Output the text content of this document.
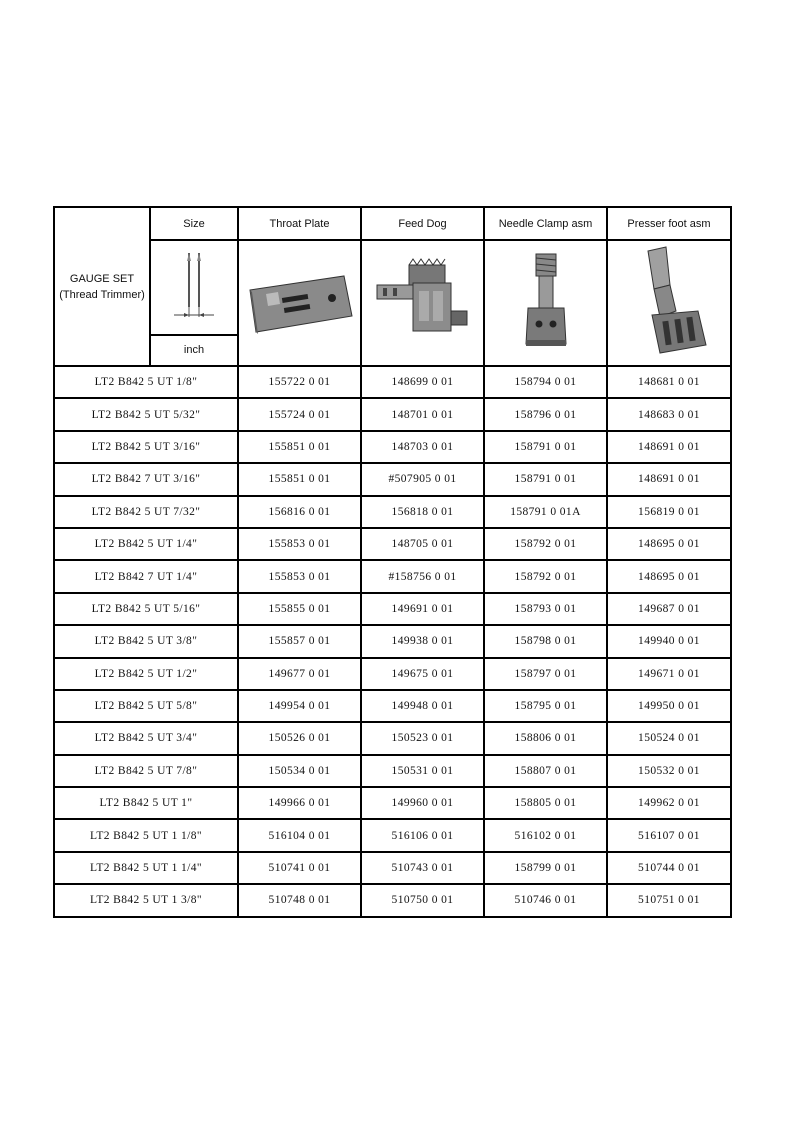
GAUGE SET
(Thread Trimmer)	Size	Throat Plate	Feed Dog	Needle Clamp asm	Presser foot asm

	inch				
LT2 B842 5 UT 1/8"		155722 0 01	148699 0 01	158794 0 01	148681 0 01
LT2 B842 5 UT 5/32"		155724 0 01	148701 0 01	158796 0 01	148683 0 01
LT2 B842 5 UT 3/16"		155851 0 01	148703 0 01	158791 0 01	148691 0 01
LT2 B842 7 UT 3/16"		155851 0 01	#507905 0 01	158791 0 01	148691 0 01
LT2 B842 5 UT 7/32"		156816 0 01	156818 0 01	158791 0 01A	156819 0 01
LT2 B842 5 UT 1/4"		155853 0 01	148705 0 01	158792 0 01	148695 0 01
LT2 B842 7 UT 1/4"		155853 0 01	#158756 0 01	158792 0 01	148695 0 01
LT2 B842 5 UT 5/16"		155855 0 01	149691 0 01	158793 0 01	149687 0 01
LT2 B842 5 UT 3/8"		155857 0 01	149938 0 01	158798 0 01	149940 0 01
LT2 B842 5 UT 1/2"		149677 0 01	149675 0 01	158797 0 01	149671 0 01
LT2 B842 5 UT 5/8"		149954 0 01	149948 0 01	158795 0 01	149950 0 01
LT2 B842 5 UT 3/4"		150526 0 01	150523 0 01	158806 0 01	150524 0 01
LT2 B842 5 UT 7/8"		150534 0 01	150531 0 01	158807 0 01	150532 0 01
LT2 B842 5 UT 1"		149966 0 01	149960 0 01	158805 0 01	149962 0 01
LT2 B842 5 UT 1 1/8"		516104 0 01	516106 0 01	516102 0 01	516107 0 01
LT2 B842 5 UT 1 1/4"		510741 0 01	510743 0 01	158799 0 01	510744 0 01
LT2 B842 5 UT 1 3/8"		510748 0 01	510750 0 01	510746 0 01	510751 0 01
